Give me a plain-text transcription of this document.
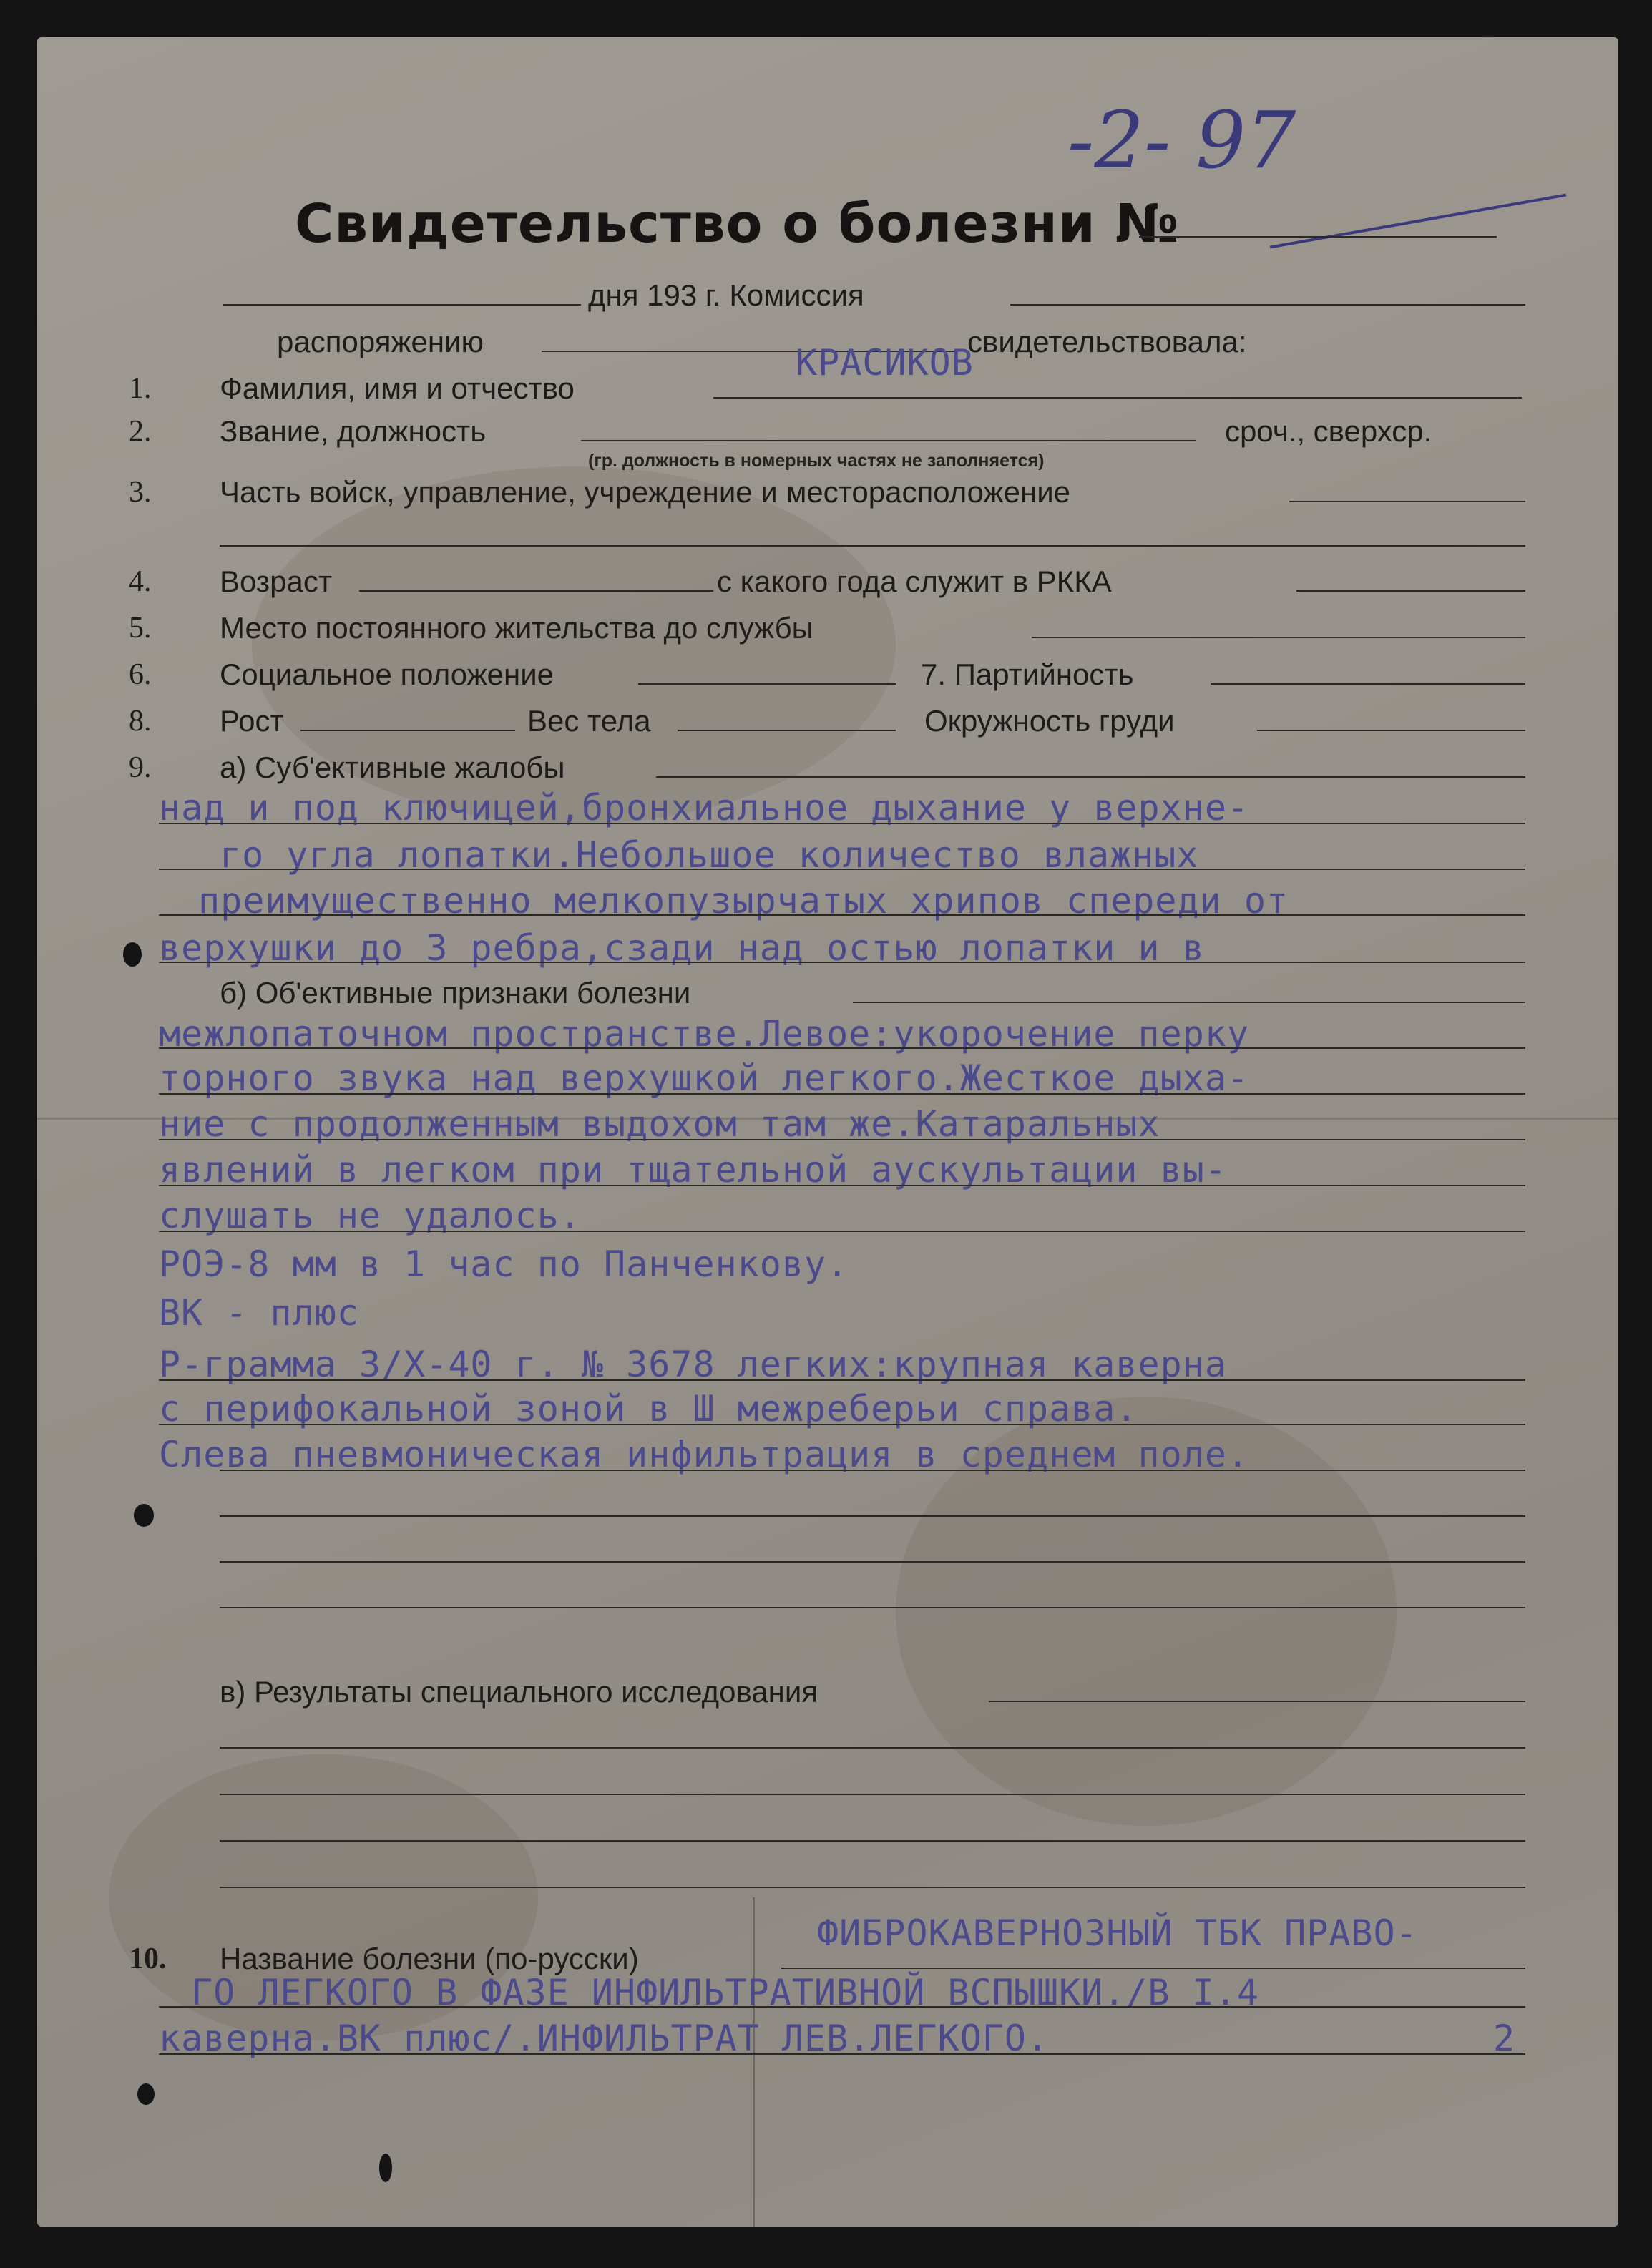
-2- 97
Свидетельство о болезни №
дня 193 г. Комиссия
распоряжению	свидетельствовала:
1. Фамилия, имя и отчество
КРАСИКОВ
2. Звание, должность	сроч., сверхср.
(гр. должность в номерных частях не заполняется)
3. Часть войск, управление, учреждение и месторасположение
4. Возраст	с какого года служит в РККА
5. Место постоянного жительства до службы
6. Социальное положение	7. Партийность
8. Рост	Вес тела	Окружность груди
9. а) Суб'ективные жалобы
над и под ключицей,бронхиальное дыхание у верхне-
го угла лопатки.Небольшое количество влажных
преимущественно мелкопузырчатых хрипов спереди от
верхушки до 3 ребра,сзади над остью лопатки и в
б) Об'ективные признаки болезни
межлопаточном пространстве.Левое:укорочение перку
торного звука над верхушкой легкого.Жесткое дыха-
ние с продолженным выдохом там же.Катаральных
явлений в легком при тщательной аускультации вы-
слушать не удалось.
РОЭ-8 мм в 1 час по Панченкову.
ВК - плюс
Р-грамма 3/X-40 г. № 3678 легких:крупная каверна
с перифокальной зоной в Ш межреберьи справа.
Слева пневмоническая инфильтрация в среднем поле.
в) Результаты специального исследования
10. Название болезни (по-русски)
ФИБРОКАВЕРНОЗНЫЙ ТБК ПРАВО-
ГО ЛЕГКОГО В ФАЗЕ ИНФИЛЬТРАТИВНОЙ ВСПЫШКИ./В І.4
каверна.ВК плюс/.ИНФИЛЬТРАТ ЛЕВ.ЛЕГКОГО.	2
